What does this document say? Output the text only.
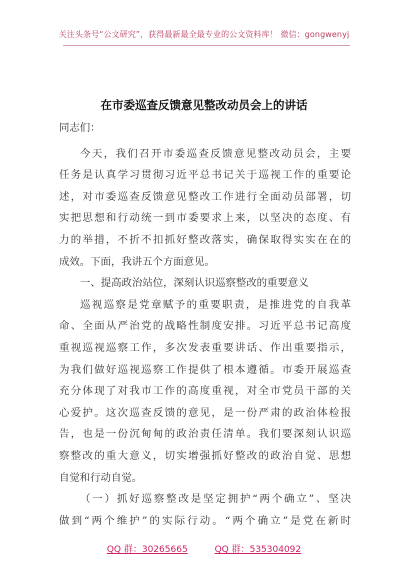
关注头条号“公文研究”，获得最新最全最专业的公文资料库！ 微信：gongwenyj
在市委巡查反馈意见整改动员会上的讲话
同志们：
今天，我们召开市委巡查反馈意见整改动员会，主要
任务是认真学习贯彻习近平总书记关于巡视工作的重要论
述，对市委巡查反馈意见整改工作进行全面动员部署，切
实把思想和行动统一到市委要求上来，以坚决的态度、有
力的举措，不折不扣抓好整改落实，确保取得实实在在的
成效。下面，我讲五个方面意见。
一、提高政治站位，深刻认识巡察整改的重要意义
巡视巡察是党章赋予的重要职责，是推进党的自我革
命、全面从严治党的战略性制度安排。习近平总书记高度
重视巡视巡察工作，多次发表重要讲话、作出重要指示，
为我们做好巡视巡察工作提供了根本遵循。市委开展巡查
充分体现了对我市工作的高度重视，对全市党员干部的关
心爱护。这次巡查反馈的意见，是一份严肃的政治体检报
告，也是一份沉甸甸的政治责任清单。我们要深刻认识巡
察整改的重大意义，切实增强抓好整改的政治自觉、思想
自觉和行动自觉。
（一）抓好巡察整改是坚定拥护“两个确立”、坚决
做到“两个维护”的实际行动。“两个确立”是党在新时
QQ 群：30265665	QQ 群：535304092
